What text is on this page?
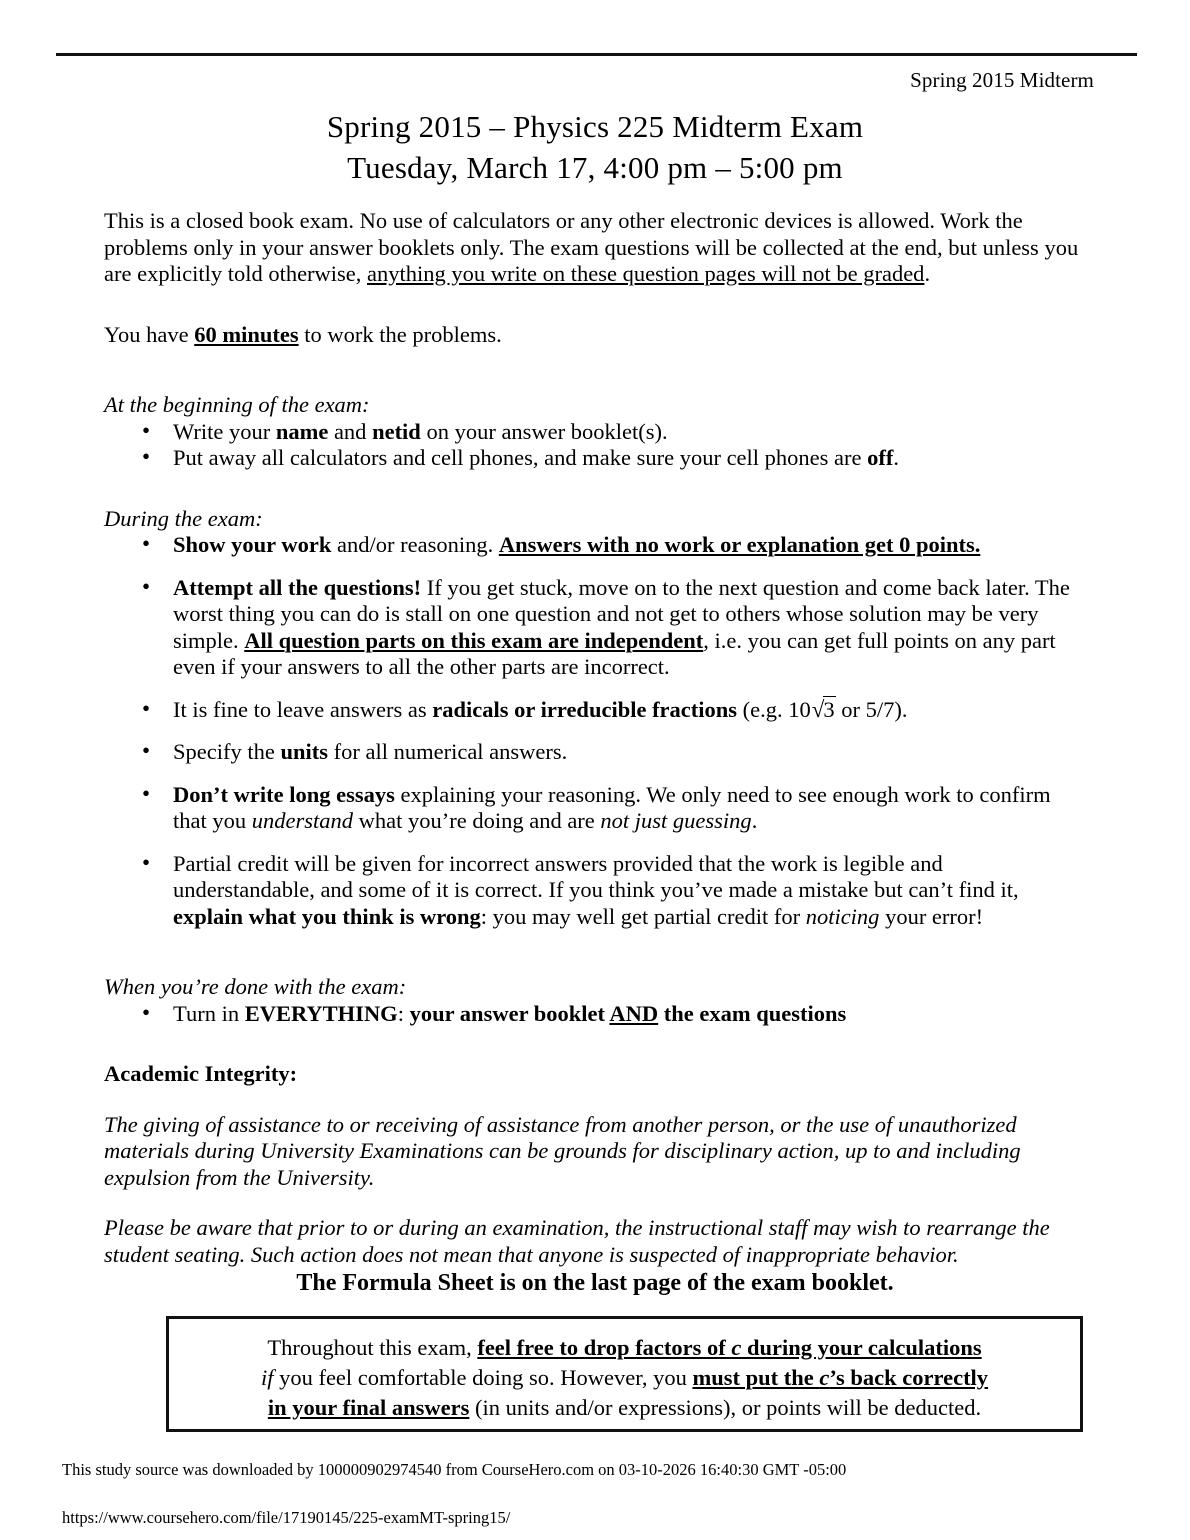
Spring 2015 Midterm
Spring 2015 – Physics 225 Midterm Exam
Tuesday, March 17, 4:00 pm – 5:00 pm

This is a closed book exam. No use of calculators or any other electronic devices is allowed. Work the problems only in your answer booklets only. The exam questions will be collected at the end, but unless you are explicitly told otherwise, anything you write on these question pages will not be graded.

You have 60 minutes to work the problems.

At the beginning of the exam:

• Write your name and netid on your answer booklet(s).
• Put away all calculators and cell phones, and make sure your cell phones are off.

During the exam:

• Show your work and/or reasoning. Answers with no work or explanation get 0 points.
• Attempt all the questions! If you get stuck, move on to the next question and come back later. The worst thing you can do is stall on one question and not get to others whose solution may be very simple. All question parts on this exam are independent, i.e. you can get full points on any part even if your answers to all the other parts are incorrect.
• It is fine to leave answers as radicals or irreducible fractions (e.g. 10√3 or 5/7).
• Specify the units for all numerical answers.
• Don’t write long essays explaining your reasoning. We only need to see enough work to confirm that you understand what you’re doing and are not just guessing.
• Partial credit will be given for incorrect answers provided that the work is legible and understandable, and some of it is correct. If you think you’ve made a mistake but can’t find it, explain what you think is wrong: you may well get partial credit for noticing your error!

When you’re done with the exam:

• Turn in EVERYTHING: your answer booklet AND the exam questions

Academic Integrity:

The giving of assistance to or receiving of assistance from another person, or the use of unauthorized materials during University Examinations can be grounds for disciplinary action, up to and including expulsion from the University.

Please be aware that prior to or during an examination, the instructional staff may wish to rearrange the student seating. Such action does not mean that anyone is suspected of inappropriate behavior.

The Formula Sheet is on the last page of the exam booklet.
Throughout this exam, feel free to drop factors of c during your calculations
if you feel comfortable doing so. However, you must put the c’s back correctly
in your final answers (in units and/or expressions), or points will be deducted.
This study source was downloaded by 100000902974540 from CourseHero.com on 03-10-2026 16:40:30 GMT -05:00
https://www.coursehero.com/file/17190145/225-examMT-spring15/
